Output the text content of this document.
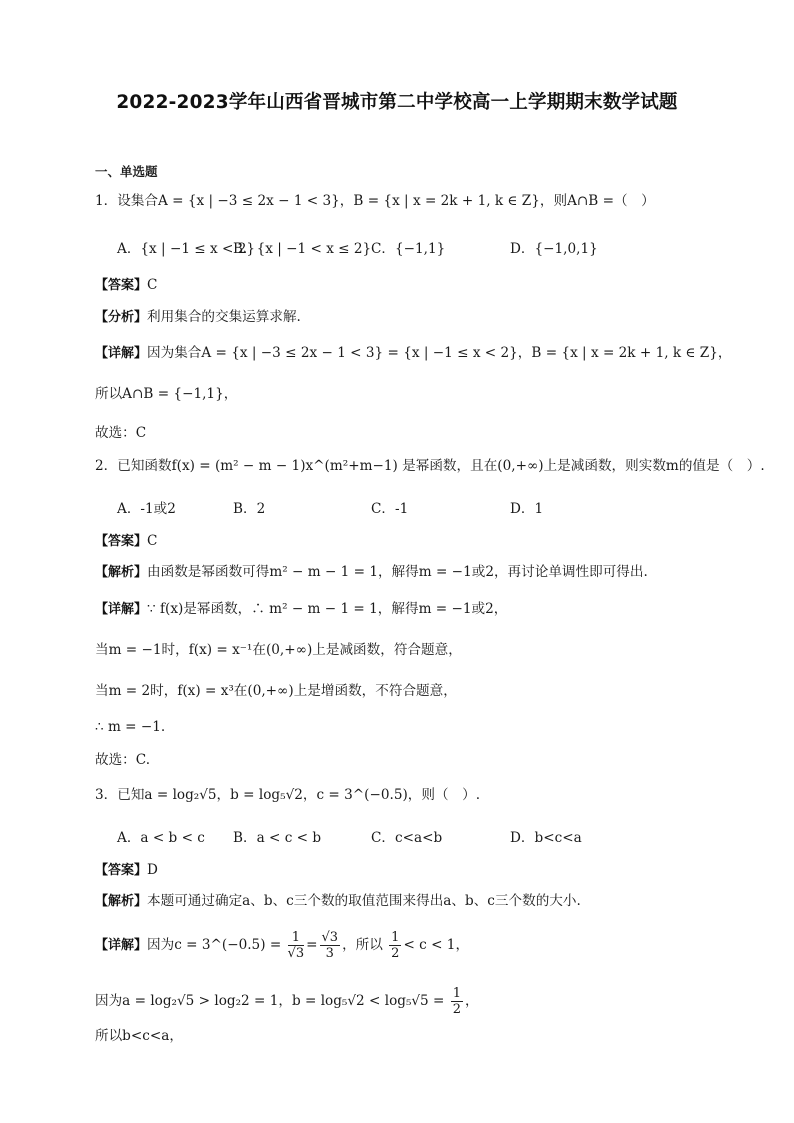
2022-2023学年山西省晋城市第二中学校高一上学期期末数学试题
一、单选题
1．设集合A = {x | −3 ≤ 2x − 1 < 3}，B = {x | x = 2k + 1, k ∈ Z}，则A∩B =（　）
A．{x | −1 ≤ x < 2}
B．{x | −1 < x ≤ 2} C．{−1,1}	D．{−1,0,1}
【答案】C
【分析】利用集合的交集运算求解.
【详解】因为集合A = {x | −3 ≤ 2x − 1 < 3} = {x | −1 ≤ x < 2}，B = {x | x = 2k + 1, k ∈ Z}，
所以A∩B = {−1,1}，
故选：C
2．已知函数f(x) = (m² − m − 1)x^(m²+m−1) 是幂函数，且在(0,+∞)上是减函数，则实数m的值是（　）.
A．-1或2	B．2	C．-1	D．1
【答案】C
【解析】由函数是幂函数可得m² − m − 1 = 1，解得m = −1或2，再讨论单调性即可得出.
【详解】∵ f(x)是幂函数，∴ m² − m − 1 = 1，解得m = −1或2，
当m = −1时，f(x) = x⁻¹在(0,+∞)上是减函数，符合题意，
当m = 2时，f(x) = x³在(0,+∞)上是增函数，不符合题意，
∴ m = −1.
故选：C.
3．已知a = log₂√5，b = log₅√2，c = 3^(−0.5)，则（　）.
A．a < b < c B．a < c < b	C．c<a<b	D．b<c<a
【答案】D
【解析】本题可通过确定a、b、c三个数的取值范围来得出a、b、c三个数的大小.
【详解】因为c = 3^(−0.5) = $\frac{1}{√3} = \frac{√3}{3}$ ，所以 $\frac{1}{2} < c < 1$，
因为a = log₂√5 > log₂2 = 1，$b = \log_5√2 < \log_5√5 = \frac{1}{2}$ ，
所以b<c<a，
